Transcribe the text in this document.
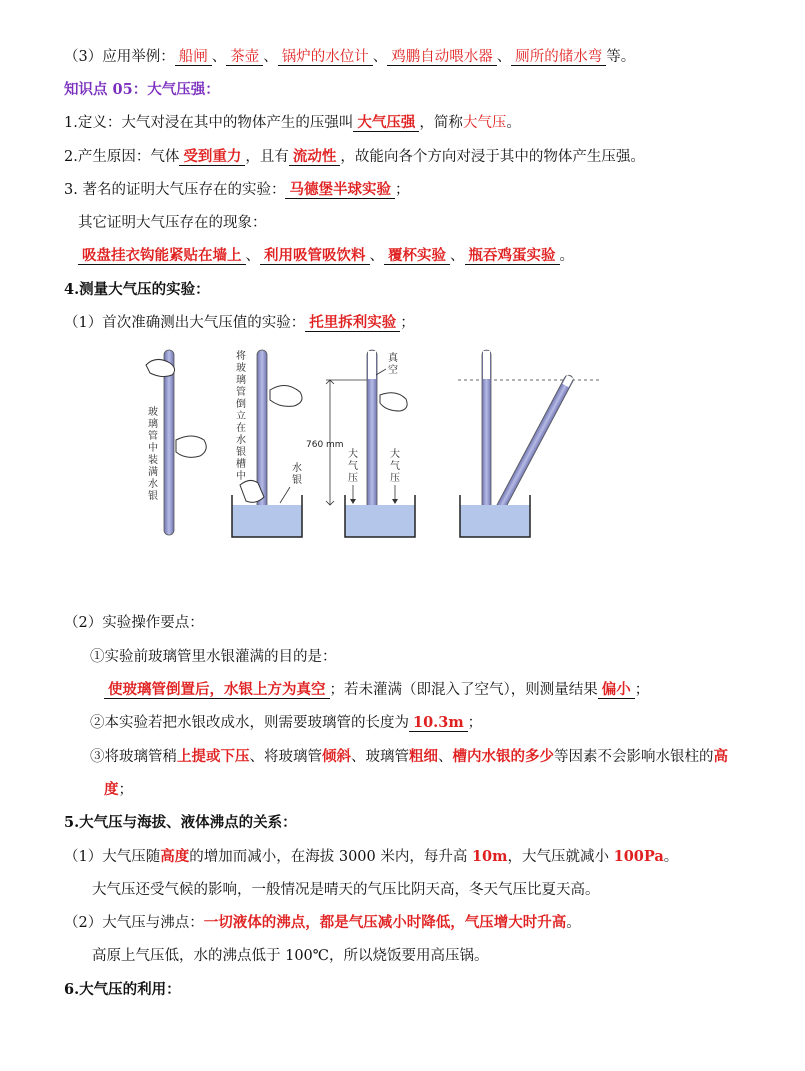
（3）应用举例： 船闸 、 茶壶 、 锅炉的水位计 、 鸡鹏自动喂水器 、 厕所的储水弯 等。
知识点 05：大气压强：
1.定义：大气对浸在其中的物体产生的压强叫 大气压强 ，简称大气压。
2.产生原因：气体 受到重力 ，且有 流动性 ，故能向各个方向对浸于其中的物体产生压强。
3. 著名的证明大气压存在的实验： 马德堡半球实验 ；
其它证明大气压存在的现象：
吸盘挂衣钩能紧贴在墙上 、 利用吸管吸饮料 、 覆杯实验 、 瓶吞鸡蛋实验 。
4.测量大气压的实验：
（1）首次准确测出大气压值的实验： 托里拆利实验 ；
玻 璃 管 中 装 满 水 银
将 玻 璃 管 倒 立 在 水 银 槽 中
水 银
760 mm
真 空
大 气 压
大 气 压
（2）实验操作要点：
①实验前玻璃管里水银灌满的目的是：
使玻璃管倒置后，水银上方为真空 ；若未灌满（即混入了空气），则测量结果 偏小 ；
②本实验若把水银改成水，则需要玻璃管的长度为 10.3m ；
③将玻璃管稍上提或下压、将玻璃管倾斜、玻璃管粗细、槽内水银的多少等因素不会影响水银柱的高
度；
5.大气压与海拔、液体沸点的关系：
（1）大气压随高度的增加而减小，在海拔 3000 米内，每升高 10m，大气压就减小 100Pa。
大气压还受气候的影响，一般情况是晴天的气压比阴天高，冬天气压比夏天高。
（2）大气压与沸点：一切液体的沸点，都是气压减小时降低，气压增大时升高。
高原上气压低，水的沸点低于 100℃，所以烧饭要用高压锅。
6.大气压的利用：
